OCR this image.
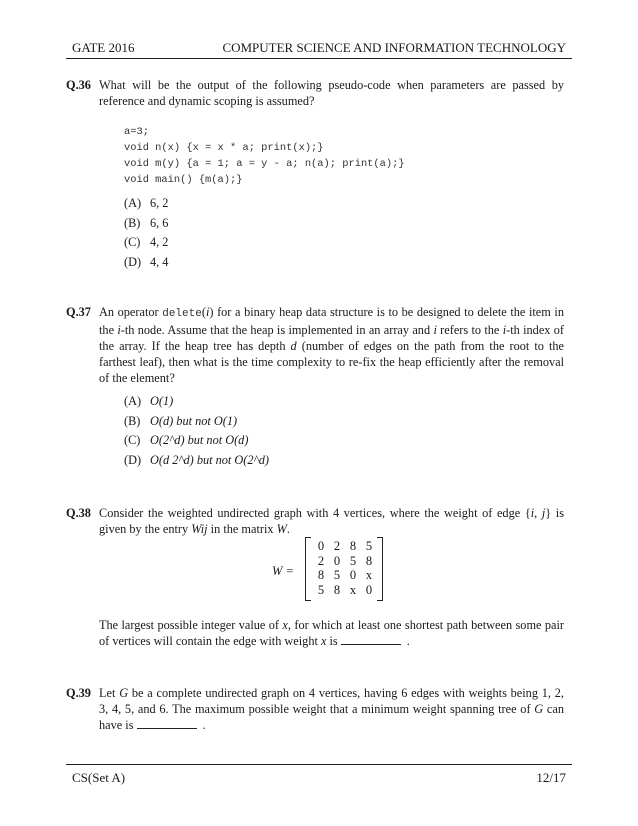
GATE 2016	COMPUTER SCIENCE AND INFORMATION TECHNOLOGY
Q.36 What will be the output of the following pseudo-code when parameters are passed by reference and dynamic scoping is assumed?
a=3;
void n(x) {x = x * a; print(x);}
void m(y) {a = 1; a = y - a; n(a); print(a);}
void main() {m(a);}
(A) 6, 2
(B) 6, 6
(C) 4, 2
(D) 4, 4
Q.37 An operator delete(i) for a binary heap data structure is to be designed to delete the item in the i-th node. Assume that the heap is implemented in an array and i refers to the i-th index of the array. If the heap tree has depth d (number of edges on the path from the root to the farthest leaf), then what is the time complexity to re-fix the heap efficiently after the removal of the element?
(A) O(1)
(B) O(d) but not O(1)
(C) O(2^d) but not O(d)
(D) O(d 2^d) but not O(2^d)
Q.38 Consider the weighted undirected graph with 4 vertices, where the weight of edge {i, j} is given by the entry Wij in the matrix W.
W =
0 2 8 5
2 0 5 8
8 5 0 x
5 8 x 0
The largest possible integer value of x, for which at least one shortest path between some pair of vertices will contain the edge with weight x is	.
Q.39 Let G be a complete undirected graph on 4 vertices, having 6 edges with weights being 1, 2, 3, 4, 5, and 6. The maximum possible weight that a minimum weight spanning tree of G can have is	.
CS(Set A)	12/17
